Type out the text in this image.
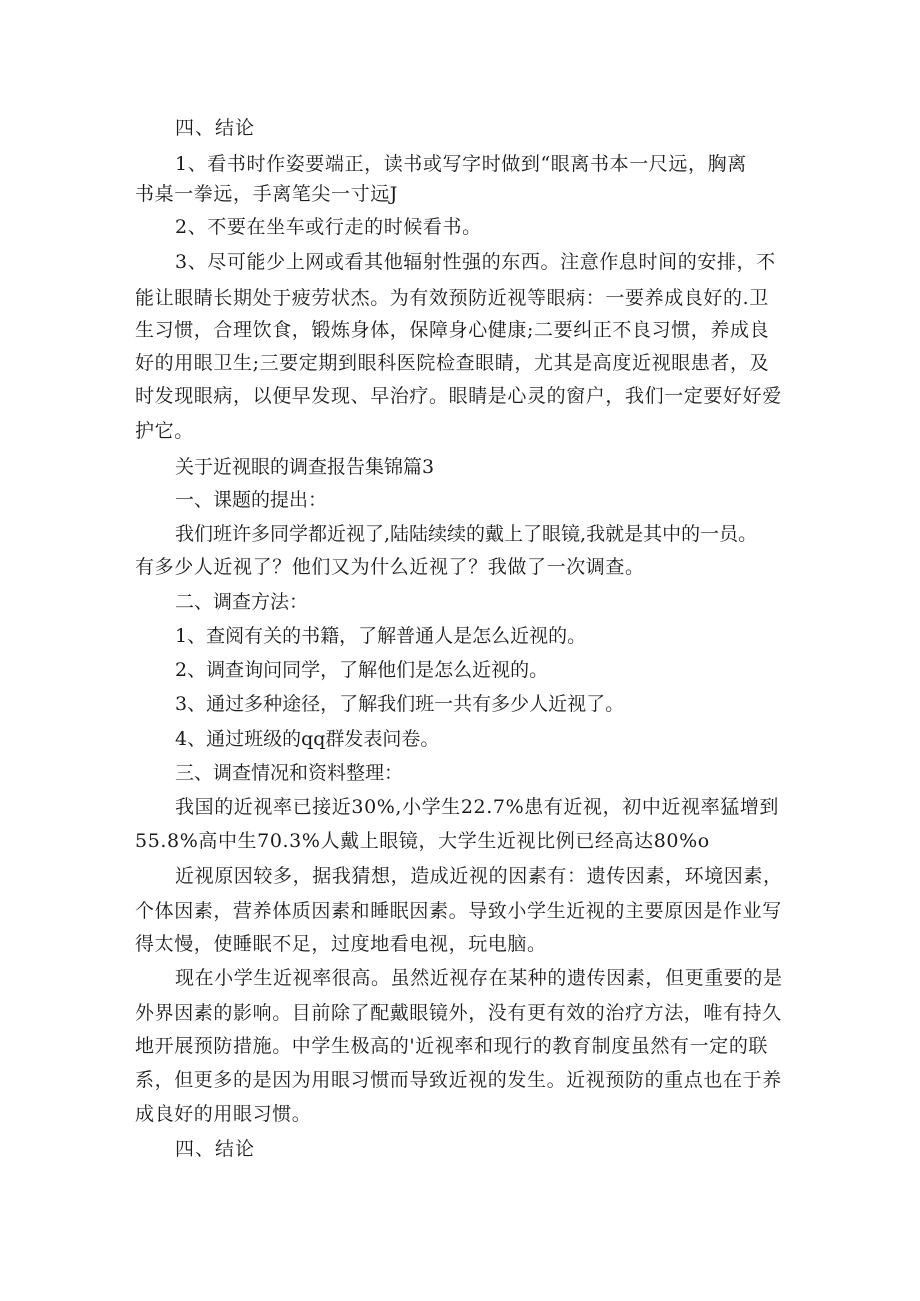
四、结论
1、看书时作姿要端正，读书或写字时做到“眼离书本一尺远，胸离
书桌一拳远，手离笔尖一寸远J
2、不要在坐车或行走的时候看书。
3、尽可能少上网或看其他辐射性强的东西。注意作息时间的安排，不
能让眼睛长期处于疲劳状杰。为有效预防近视等眼病：一要养成良好的.卫
生习惯，合理饮食，锻炼身体，保障身心健康;二要纠正不良习惯，养成良
好的用眼卫生;三要定期到眼科医院检查眼睛，尤其是高度近视眼患者，及
时发现眼病，以便早发现、早治疗。眼睛是心灵的窗户，我们一定要好好爱
护它。
关于近视眼的调查报告集锦篇3
一、课题的提出：
我们班许多同学都近视了,陆陆续续的戴上了眼镜,我就是其中的一员。
有多少人近视了？他们又为什么近视了？我做了一次调查。
二、调查方法：
1、查阅有关的书籍，了解普通人是怎么近视的。
2、调查询问同学，了解他们是怎么近视的。
3、通过多种途径，了解我们班一共有多少人近视了。
4、通过班级的qq群发表问卷。
三、调查情况和资料整理：
我国的近视率已接近30%,小学生22.7%患有近视，初中近视率猛增到
55.8%高中生70.3%人戴上眼镜，大学生近视比例已经高达80%o
近视原因较多，据我猜想，造成近视的因素有：遗传因素，环境因素，
个体因素，营养体质因素和睡眠因素。导致小学生近视的主要原因是作业写
得太慢，使睡眠不足，过度地看电视，玩电脑。
现在小学生近视率很高。虽然近视存在某种的遗传因素，但更重要的是
外界因素的影响。目前除了配戴眼镜外，没有更有效的治疗方法，唯有持久
地开展预防措施。中学生极高的'近视率和现行的教育制度虽然有一定的联
系，但更多的是因为用眼习惯而导致近视的发生。近视预防的重点也在于养
成良好的用眼习惯。
四、结论
